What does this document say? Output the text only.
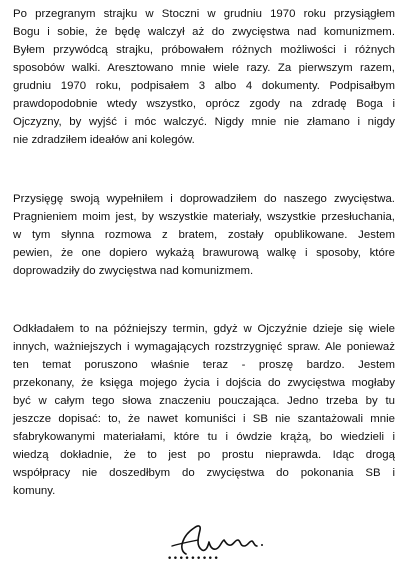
Po przegranym strajku w Stoczni w grudniu 1970 roku przysiągłem
Bogu i sobie, że będę walczył aż do zwycięstwa nad komunizmem.
Byłem przywódcą strajku, próbowałem różnych możliwości i różnych
sposobów walki. Aresztowano mnie wiele razy. Za pierwszym razem,
grudniu 1970 roku, podpisałem 3 albo 4 dokumenty. Podpisałbym
prawdopodobnie wtedy wszystko, oprócz zgody na zdradę Boga i
Ojczyzny, by wyjść i móc walczyć. Nigdy mnie nie złamano i nigdy
nie zdradziłem ideałów ani kolegów.
Przysięgę swoją wypełniłem i doprowadziłem do naszego zwycięstwa.
Pragnieniem moim jest, by wszystkie materiały, wszystkie przesłuchania,
w tym słynna rozmowa z bratem, zostały opublikowane. Jestem
pewien, że one dopiero wykażą brawurową walkę i sposoby, które
doprowadziły do zwycięstwa nad komunizmem.
Odkładałem to na późniejszy termin, gdyż w Ojczyźnie dzieje się wiele
innych, ważniejszych i wymagających rozstrzygnięć spraw. Ale ponieważ
ten temat poruszono właśnie teraz - proszę bardzo. Jestem
przekonany, że księga mojego życia i dojścia do zwycięstwa mogłaby
być w całym tego słowa znaczeniu pouczająca. Jedno trzeba by tu
jeszcze dopisać: to, że nawet komuniści i SB nie szantażowali mnie
sfabrykowanymi materiałami, które tu i ówdzie krążą, bo wiedzieli i
wiedzą dokładnie, że to jest po prostu nieprawda. Idąc drogą
współpracy nie doszedłbym do zwycięstwa do pokonania SB i
komuny.
•••••••••
